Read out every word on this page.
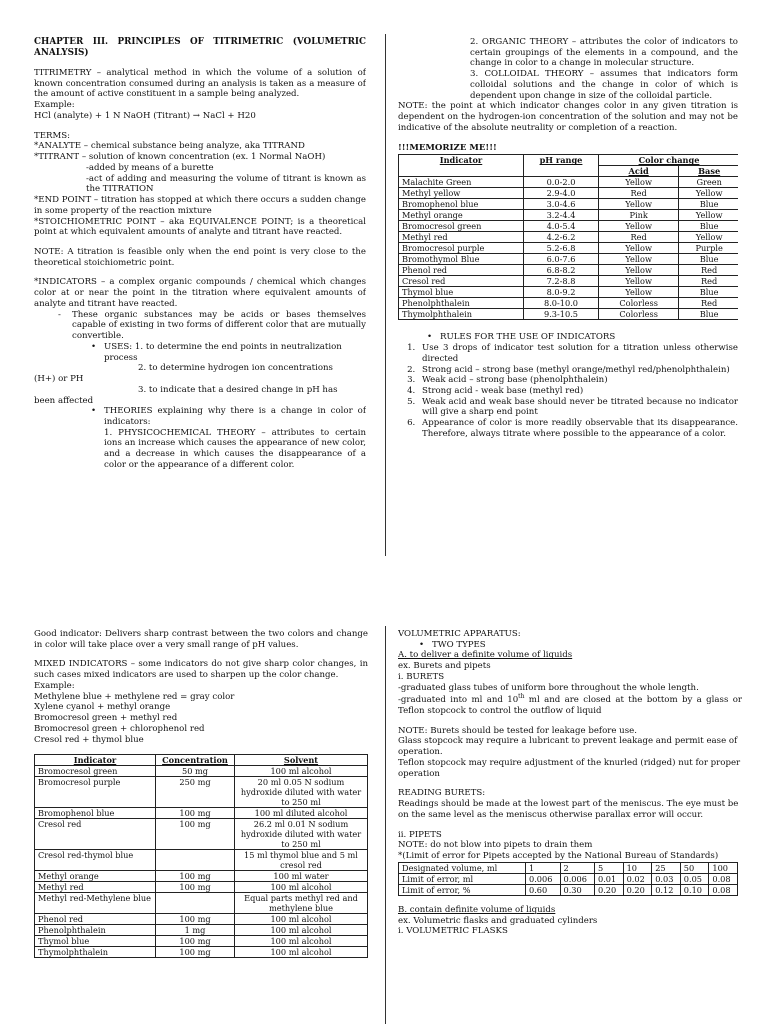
CHAPTER III. PRINCIPLES OF TITRIMETRIC (VOLUMETRIC ANALYSIS)

TITRIMETRY – analytical method in which the volume of a solution of known concentration consumed during an analysis is taken as a measure of the amount of active constituent in a sample being analyzed.

Example:

HCl (analyte) + 1 N NaOH (Titrant) → NaCl + H20

TERMS:

*ANALYTE – chemical substance being analyze, aka TITRAND

*TITRANT – solution of known concentration (ex. 1 Normal NaOH)

-added by means of a burette

-act of adding and measuring the volume of titrant is known as the TITRATION

*END POINT – titration has stopped at which there occurs a sudden change in some property of the reaction mixture

*STOICHIOMETRIC POINT – aka EQUIVALENCE POINT; is a theoretical point at which equivalent amounts of analyte and titrant have reacted.

NOTE: A titration is feasible only when the end point is very close to the theoretical stoichiometric point.

*INDICATORS – a complex organic compounds / chemical which changes color at or near the point in the titration where equivalent amounts of analyte and titrant have reacted.

- These organic substances may be acids or bases themselves capable of existing in two forms of different color that are mutually convertible.
• USES: 1. to determine the end points in neutralization process

2. to determine hydrogen ion concentrations

(H+) or PH

3. to indicate that a desired change in pH has

been affected

• THEORIES explaining why there is a change in color of indicators:

1. PHYSICOCHEMICAL THEORY – attributes to certain ions an increase which causes the appearance of new color, and a decrease in which causes the disappearance of a color or the appearance of a different color.

2. ORGANIC THEORY – attributes the color of indicators to certain groupings of the elements in a compound, and the change in color to a change in molecular structure.

3. COLLOIDAL THEORY – assumes that indicators form colloidal solutions and the change in color of which is dependent upon change in size of the colloidal particle.

NOTE: the point at which indicator changes color in any given titration is dependent on the hydrogen-ion concentration of the solution and may not be indicative of the absolute neutrality or completion of a reaction.

!!!MEMORIZE ME!!!

Indicator	pH range	Color change	
		Acid	Base
Malachite Green	0.0-2.0	Yellow	Green
Methyl yellow	2.9-4.0	Red	Yellow
Bromophenol blue	3.0-4.6	Yellow	Blue
Methyl orange	3.2-4.4	Pink	Yellow
Bromocresol green	4.0-5.4	Yellow	Blue
Methyl red	4.2-6.2	Red	Yellow
Bromocresol purple	5.2-6.8	Yellow	Purple
Bromothymol Blue	6.0-7.6	Yellow	Blue
Phenol red	6.8-8.2	Yellow	Red
Cresol red	7.2-8.8	Yellow	Red
Thymol blue	8.0-9.2	Yellow	Blue
Phenolphthalein	8.0-10.0	Colorless	Red
Thymolphthalein	9.3-10.5	Colorless	Blue
• RULES FOR THE USE OF INDICATORS
1. Use 3 drops of indicator test solution for a titration unless otherwise directed
2. Strong acid – strong base (methyl orange/methyl red/phenolphthalein)
3. Weak acid – strong base (phenolphthalein)
4. Strong acid - weak base (methyl red)
5. Weak acid and weak base should never be titrated because no indicator will give a sharp end point
6. Appearance of color is more readily observable that its disappearance. Therefore, always titrate where possible to the appearance of a color.

Good indicator: Delivers sharp contrast between the two colors and change in color will take place over a very small range of pH values.

MIXED INDICATORS – some indicators do not give sharp color changes, in such cases mixed indicators are used to sharpen up the color change.

Example:

Methylene blue + methylene red = gray color

Xylene cyanol + methyl orange

Bromocresol green + methyl red

Bromocresol green + chlorophenol red

Cresol red + thymol blue

Indicator	Concentration	Solvent
Bromocresol green	50 mg	100 ml alcohol
Bromocresol purple	250 mg	20 ml 0.05 N sodium hydroxide diluted with water to 250 ml
Bromophenol blue	100 mg	100 ml diluted alcohol
Cresol red	100 mg	26.2 ml 0.01 N sodium hydroxide diluted with water to 250 ml
Cresol red-thymol blue		15 ml thymol blue and 5 ml cresol red
Methyl orange	100 mg	100 ml water
Methyl red	100 mg	100 ml alcohol
Methyl red-Methylene blue		Equal parts methyl red and methylene blue
Phenol red	100 mg	100 ml alcohol
Phenolphthalein	1 mg	100 ml alcohol
Thymol blue	100 mg	100 ml alcohol
Thymolphthalein	100 mg	100 ml alcohol

VOLUMETRIC APPARATUS:

• TWO TYPES

A. to deliver a definite volume of liquids

ex. Burets and pipets

i. BURETS

-graduated glass tubes of uniform bore throughout the whole length.

-graduated into ml and 10th ml and are closed at the bottom by a glass or Teflon stopcock to control the outflow of liquid

NOTE: Burets should be tested for leakage before use.

Glass stopcock may require a lubricant to prevent leakage and permit ease of operation.

Teflon stopcock may require adjustment of the knurled (ridged) nut for proper operation

READING BURETS:

Readings should be made at the lowest part of the meniscus. The eye must be on the same level as the meniscus otherwise parallax error will occur.

ii. PIPETS

NOTE: do not blow into pipets to drain them

*(Limit of error for Pipets accepted by the National Bureau of Standards)

Designated volume, ml	1	2	5	10	25	50	100
Limit of error, ml	0.006	0.006	0.01	0.02	0.03	0.05	0.08
Limit of error, %	0.60	0.30	0.20	0.20	0.12	0.10	0.08

B. contain definite volume of liquids

ex. Volumetric flasks and graduated cylinders

i. VOLUMETRIC FLASKS
